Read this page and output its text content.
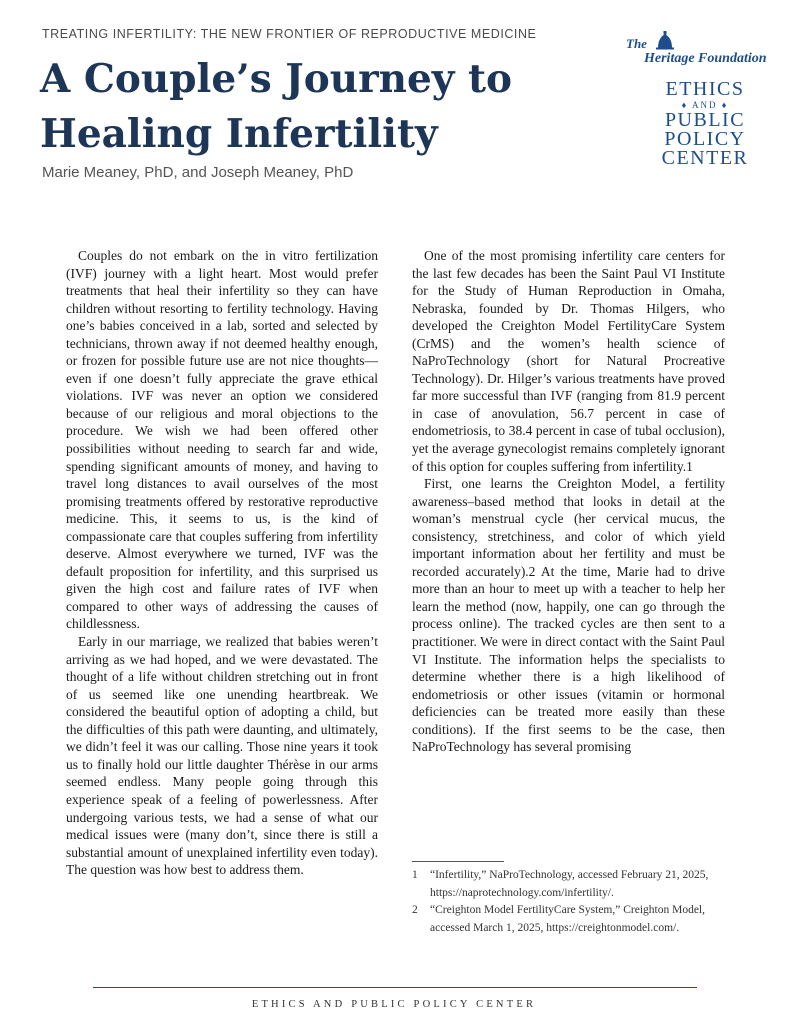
TREATING INFERTILITY: THE NEW FRONTIER OF REPRODUCTIVE MEDICINE
A Couple’s Journey to Healing Infertility
Marie Meaney, PhD, and Joseph Meaney, PhD
The
Heritage Foundation
ETHICS
♦ AND ♦
PUBLIC
POLICY
CENTER

Couples do not embark on the in vitro fertilization (IVF) journey with a light heart. Most would prefer treatments that heal their infertility so they can have children without resorting to fertility technology. Having one’s babies conceived in a lab, sorted and selected by technicians, thrown away if not deemed healthy enough, or frozen for possible future use are not nice thoughts—even if one doesn’t fully appreciate the grave ethical violations. IVF was never an option we considered because of our religious and moral objections to the procedure. We wish we had been offered other possibilities without needing to search far and wide, spending significant amounts of money, and having to travel long distances to avail ourselves of the most promising treatments offered by restorative reproductive medicine. This, it seems to us, is the kind of compassionate care that couples suffering from infertility deserve. Almost everywhere we turned, IVF was the default proposition for infertility, and this surprised us given the high cost and failure rates of IVF when compared to other ways of addressing the causes of childlessness.

Early in our marriage, we realized that babies weren’t arriving as we had hoped, and we were devastated. The thought of a life without children stretching out in front of us seemed like one unending heartbreak. We considered the beautiful option of adopting a child, but the difficulties of this path were daunting, and ultimately, we didn’t feel it was our calling. Those nine years it took us to finally hold our little daughter Thérèse in our arms seemed endless. Many people going through this experience speak of a feeling of powerlessness. After undergoing various tests, we had a sense of what our medical issues were (many don’t, since there is still a substantial amount of unexplained infertility even today). The question was how best to address them.

One of the most promising infertility care centers for the last few decades has been the Saint Paul VI Institute for the Study of Human Reproduction in Omaha, Nebraska, founded by Dr. Thomas Hilgers, who developed the Creighton Model FertilityCare System (CrMS) and the women’s health science of NaProTechnology (short for Natural Procreative Technology). Dr. Hilger’s various treatments have proved far more successful than IVF (ranging from 81.9 percent in case of anovulation, 56.7 percent in case of endometriosis, to 38.4 percent in case of tubal occlusion), yet the average gynecologist remains completely ignorant of this option for couples suffering from infertility.1

First, one learns the Creighton Model, a fertility awareness–based method that looks in detail at the woman’s menstrual cycle (her cervical mucus, the consistency, stretchiness, and color of which yield important information about her fertility and must be recorded accurately).2 At the time, Marie had to drive more than an hour to meet up with a teacher to help her learn the method (now, happily, one can go through the process online). The tracked cycles are then sent to a practitioner. We were in direct contact with the Saint Paul VI Institute. The information helps the specialists to determine whether there is a high likelihood of endometriosis or other issues (vitamin or hormonal deficiencies can be treated more easily than these conditions). If the first seems to be the case, then NaProTechnology has several promising

1	“Infertility,” NaProTechnology, accessed February 21, 2025, https://naprotechnology.com/infertility/.
2	“Creighton Model FertilityCare System,” Creighton Model, accessed March 1, 2025, https://creightonmodel.com/.
ETHICS AND PUBLIC POLICY CENTER
